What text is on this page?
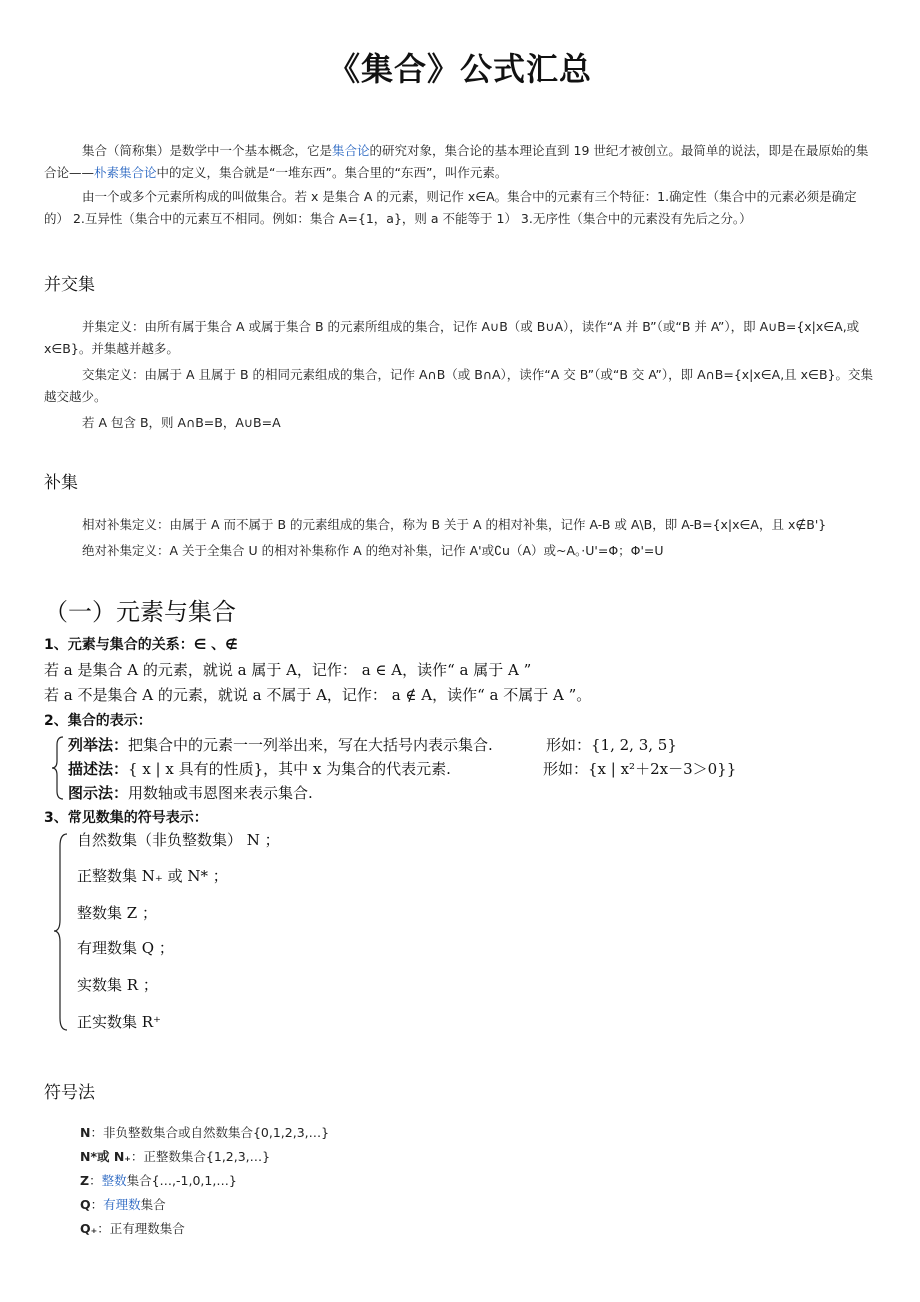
《集合》公式汇总

集合（简称集）是数学中一个基本概念，它是集合论的研究对象，集合论的基本理论直到 19 世纪才被创立。最简单的说法，即是在最原始的集合论——朴素集合论中的定义，集合就是“一堆东西”。集合里的“东西”，叫作元素。

由一个或多个元素所构成的叫做集合。若 x 是集合 A 的元素，则记作 x∈A。集合中的元素有三个特征：1.确定性（集合中的元素必须是确定的） 2.互异性（集合中的元素互不相同。例如：集合 A={1，a}，则 a 不能等于 1） 3.无序性（集合中的元素没有先后之分。）

并交集

并集定义：由所有属于集合 A 或属于集合 B 的元素所组成的集合，记作 A∪B（或 B∪A），读作“A 并 B”（或“B 并 A”），即 A∪B={x|x∈A,或 x∈B}。并集越并越多。

交集定义：由属于 A 且属于 B 的相同元素组成的集合，记作 A∩B（或 B∩A），读作“A 交 B”（或“B 交 A”），即 A∩B={x|x∈A,且 x∈B}。交集越交越少。

若 A 包含 B，则 A∩B=B，A∪B=A

补集

相对补集定义：由属于 A 而不属于 B 的元素组成的集合，称为 B 关于 A 的相对补集，记作 A-B 或 A\B，即 A-B={x|x∈A，且 x∉B'}

绝对补集定义：A 关于全集合 U 的相对补集称作 A 的绝对补集，记作 A'或∁u（A）或~A。·U'=Φ；Φ'=U

（一）元素与集合
1、元素与集合的关系：∈ 、∉
若 a 是集合 A 的元素，就说 a 属于 A，记作： a ∈ A，读作“ a 属于 A ”
若 a 不是集合 A 的元素，就说 a 不属于 A，记作： a ∉ A，读作“ a 不属于 A ”。
2、集合的表示：
列举法：把集合中的元素一一列举出来，写在大括号内表示集合.	形如：{1, 2, 3, 5}
描述法：{ x | x 具有的性质}，其中 x 为集合的代表元素.	形如：{x | x²＋2x－3＞0}}
图示法：用数轴或韦恩图来表示集合.
3、常见数集的符号表示：
自然数集（非负整数集） N ；
正整数集 N₊ 或 N* ；
整数集 Z ；
有理数集 Q ；
实数集 R ；
正实数集 R⁺
符号法
N：非负整数集合或自然数集合{0,1,2,3,…}
N*或 N₊：正整数集合{1,2,3,…}
Z：整数集合{…,-1,0,1,…}
Q：有理数集合
Q₊：正有理数集合
